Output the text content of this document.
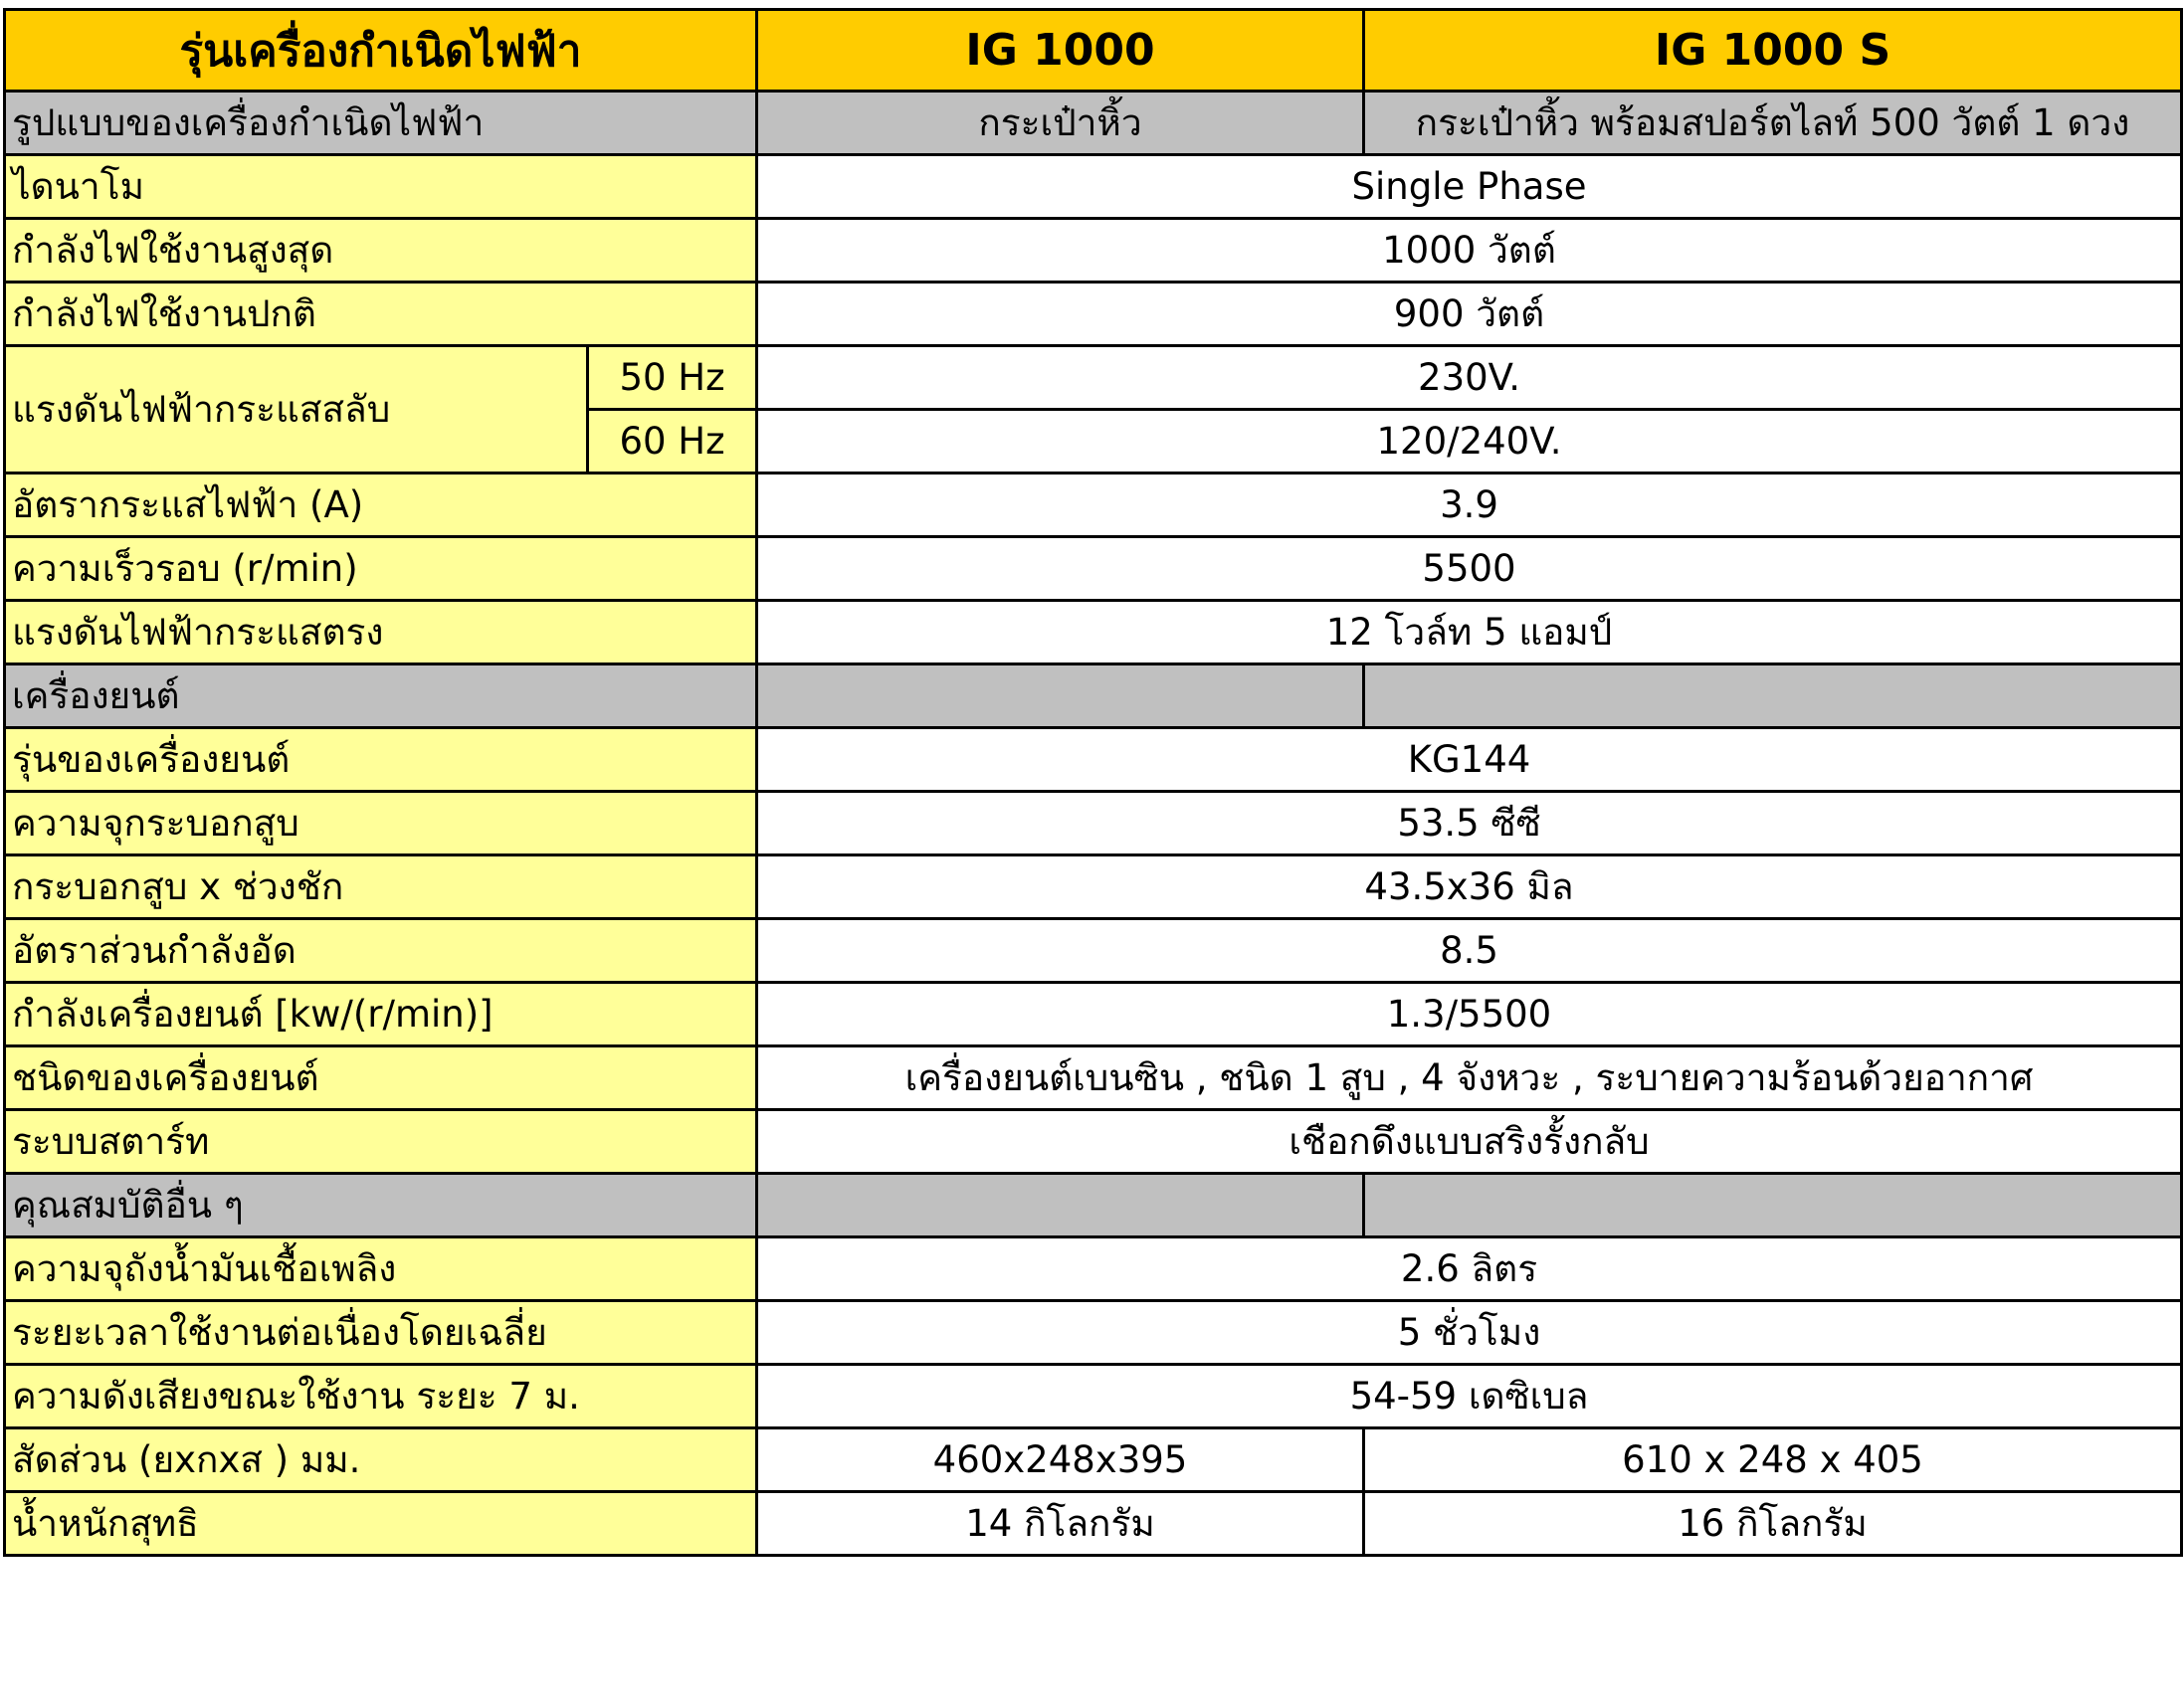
รุ่นเครื่องกำเนิดไฟฟ้า		IG 1000	IG 1000 S
รูปแบบของเครื่องกำเนิดไฟฟ้า		กระเป๋าหิ้ว	กระเป๋าหิ้ว พร้อมสปอร์ตไลท์ 500 วัตต์ 1 ดวง
ไดนาโม		Single Phase	
กำลังไฟใช้งานสูงสุด		1000 วัตต์	
กำลังไฟใช้งานปกติ		900 วัตต์	
แรงดันไฟฟ้ากระแสสลับ	50 Hz	230V.	
	60 Hz	120/240V.	
อัตรากระแสไฟฟ้า (A)		3.9	
ความเร็วรอบ (r/min)		5500	
แรงดันไฟฟ้ากระแสตรง		12 โวล์ท 5 แอมป์	
เครื่องยนต์			
รุ่นของเครื่องยนต์		KG144	
ความจุกระบอกสูบ		53.5 ซีซี	
กระบอกสูบ x ช่วงชัก		43.5x36 มิล	
อัตราส่วนกำลังอัด		8.5	
กำลังเครื่องยนต์ [kw/(r/min)]		1.3/5500	
ชนิดของเครื่องยนต์		เครื่องยนต์เบนซิน , ชนิด 1 สูบ , 4 จังหวะ , ระบายความร้อนด้วยอากาศ	
ระบบสตาร์ท		เชือกดึงแบบสริงรั้งกลับ	
คุณสมบัติอื่น ๆ			
ความจุถังน้ำมันเชื้อเพลิง		2.6 ลิตร	
ระยะเวลาใช้งานต่อเนื่องโดยเฉลี่ย		5 ชั่วโมง	
ความดังเสียงขณะใช้งาน ระยะ 7 ม.		54-59 เดซิเบล	
สัดส่วน (ยxกxส ) มม.		460x248x395	610 x 248 x 405
น้ำหนักสุทธิ		14 กิโลกรัม	16 กิโลกรัม
